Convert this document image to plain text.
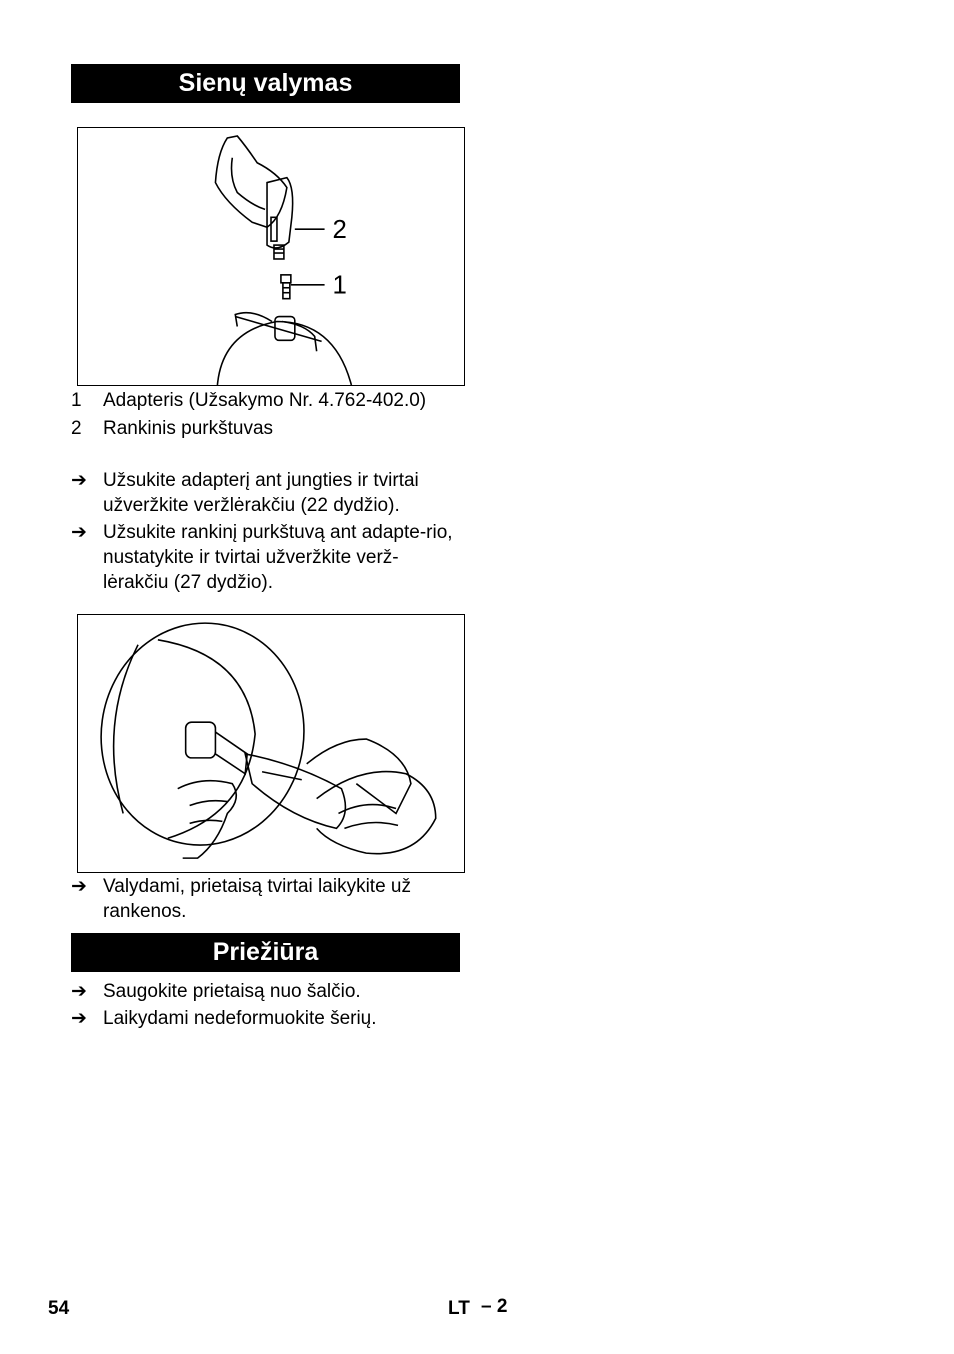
Sienų valymas
2
1
1	Adapteris (Užsakymo Nr. 4.762-402.0)
2	Rankinis purkštuvas
➔ Užsukite adapterį ant jungties ir tvirtai užveržkite veržlėrakčiu (22 dydžio).
➔ Užsukite rankinį purkštuvą ant adapte-rio, nustatykite ir tvirtai užveržkite verž-lėrakčiu (27 dydžio).
➔ Valydami, prietaisą tvirtai laikykite už rankenos.
Priežiūra
➔ Saugokite prietaisą nuo šalčio.
➔ Laikydami nedeformuokite šerių.
54	LT – 2
